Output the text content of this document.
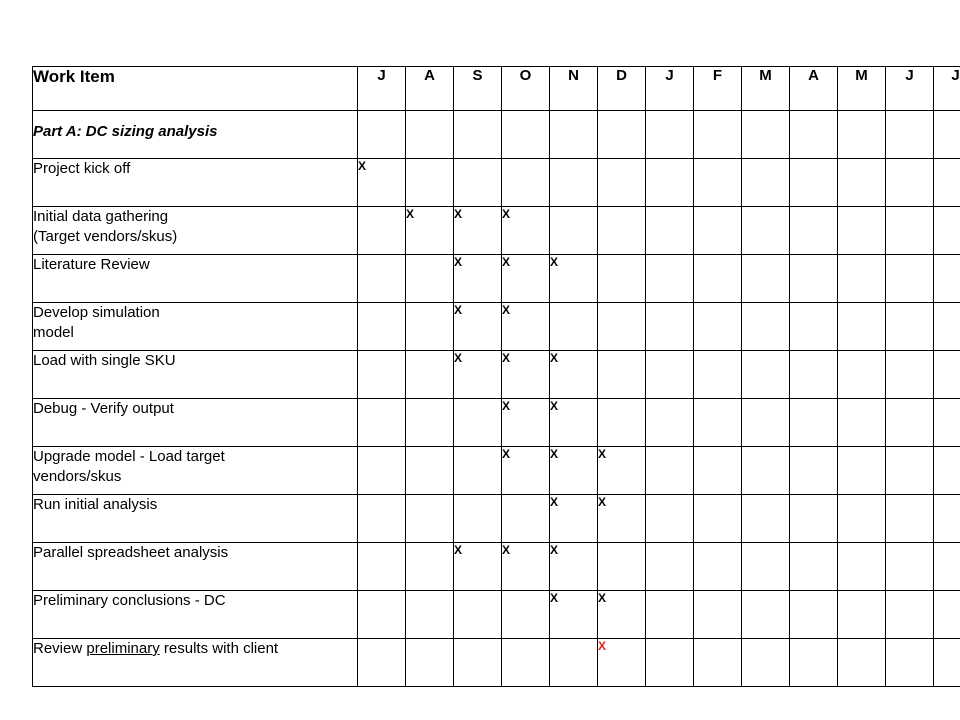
Work Item	J	A	S	O	N	D	J	F	M	A	M	J	J
Part A: DC sizing analysis													
Project kick off	X												
Initial data gathering
(Target vendors/skus)		X	X	X									
Literature Review			X	X	X								
Develop simulation
model			X	X									
Load with single SKU			X	X	X								
Debug - Verify output				X	X								
Upgrade model - Load target
vendors/skus				X	X	X							
Run initial analysis					X	X							
Parallel spreadsheet analysis			X	X	X								
Preliminary conclusions - DC					X	X							
Review preliminary results with client						X							
